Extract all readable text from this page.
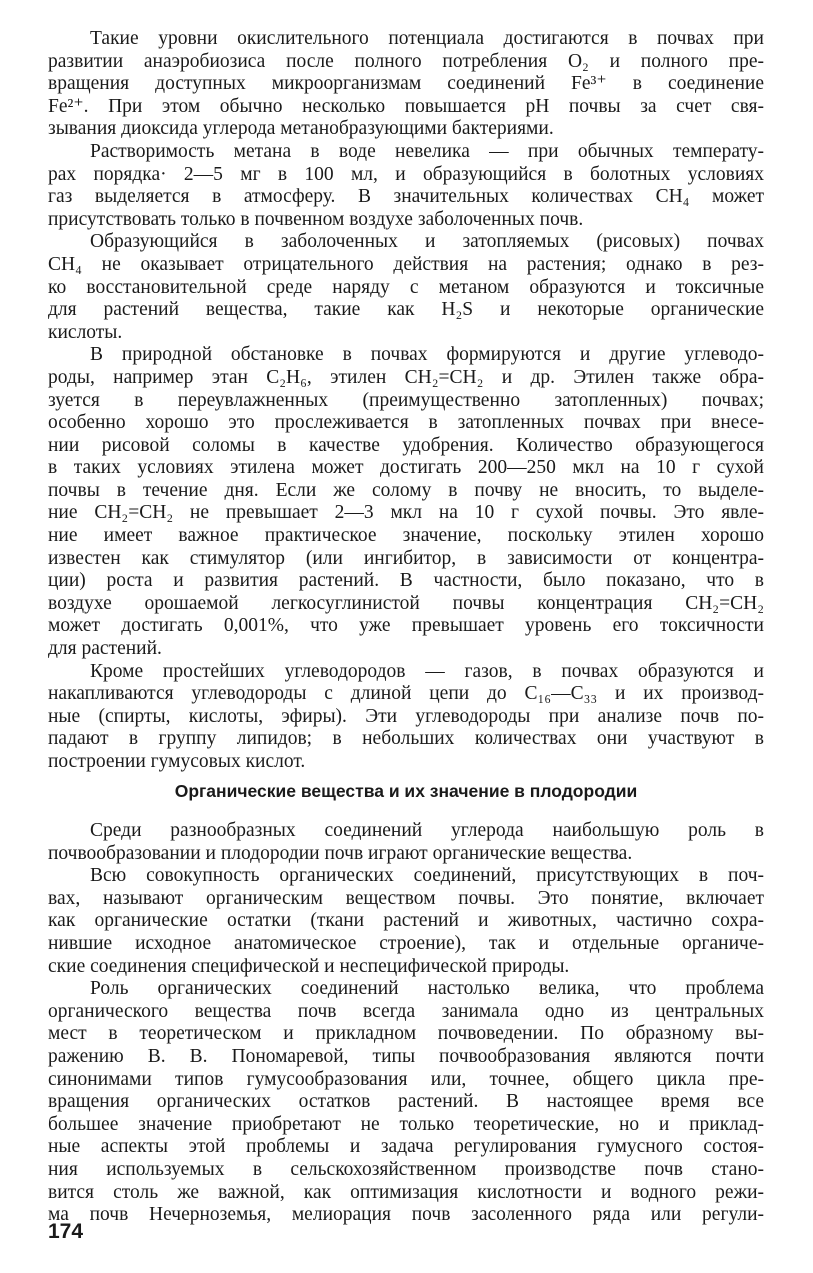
Такие уровни окислительного потенциала достигаются в почвах при
развитии анаэробиозиса после полного потребления O₂ и полного пре-
вращения доступных микроорганизмам соединений Fe³⁺ в соединение
Fe²⁺. При этом обычно несколько повышается pH почвы за счет свя-
зывания диоксида углерода метанобразующими бактериями.
Растворимость метана в воде невелика — при обычных температу-
рах порядка· 2—5 мг в 100 мл, и образующийся в болотных условиях
газ выделяется в атмосферу. В значительных количествах CH₄ может
присутствовать только в почвенном воздухе заболоченных почв.
Образующийся в заболоченных и затопляемых (рисовых) почвах
CH₄ не оказывает отрицательного действия на растения; однако в рез-
ко восстановительной среде наряду с метаном образуются и токсичные
для растений вещества, такие как H₂S и некоторые органические
кислоты.
В природной обстановке в почвах формируются и другие углеводо-
роды, например этан C₂H₆, этилен CH₂=CH₂ и др. Этилен также обра-
зуется в переувлажненных (преимущественно затопленных) почвах;
особенно хорошо это прослеживается в затопленных почвах при внесе-
нии рисовой соломы в качестве удобрения. Количество образующегося
в таких условиях этилена может достигать 200—250 мкл на 10 г сухой
почвы в течение дня. Если же солому в почву не вносить, то выделе-
ние CH₂=CH₂ не превышает 2—3 мкл на 10 г сухой почвы. Это явле-
ние имеет важное практическое значение, поскольку этилен хорошо
известен как стимулятор (или ингибитор, в зависимости от концентра-
ции) роста и развития растений. В частности, было показано, что в
воздухе орошаемой легкосуглинистой почвы концентрация CH₂=CH₂
может достигать 0,001%, что уже превышает уровень его токсичности
для растений.
Кроме простейших углеводородов — газов, в почвах образуются и
накапливаются углеводороды с длиной цепи до C₁₆—C₃₃ и их производ-
ные (спирты, кислоты, эфиры). Эти углеводороды при анализе почв по-
падают в группу липидов; в небольших количествах они участвуют в
построении гумусовых кислот.
Органические вещества и их значение в плодородии
Среди разнообразных соединений углерода наибольшую роль в
почвообразовании и плодородии почв играют органические вещества.
Всю совокупность органических соединений, присутствующих в поч-
вах, называют органическим веществом почвы. Это понятие, включает
как органические остатки (ткани растений и животных, частично сохра-
нившие исходное анатомическое строение), так и отдельные органиче-
ские соединения специфической и неспецифической природы.
Роль органических соединений настолько велика, что проблема
органического вещества почв всегда занимала одно из центральных
мест в теоретическом и прикладном почвоведении. По образному вы-
ражению В. В. Пономаревой, типы почвообразования являются почти
синонимами типов гумусообразования или, точнее, общего цикла пре-
вращения органических остатков растений. В настоящее время все
большее значение приобретают не только теоретические, но и приклад-
ные аспекты этой проблемы и задача регулирования гумусного состоя-
ния используемых в сельскохозяйственном производстве почв стано-
вится столь же важной, как оптимизация кислотности и водного режи-
ма почв Нечерноземья, мелиорация почв засоленного ряда или регули-
174
